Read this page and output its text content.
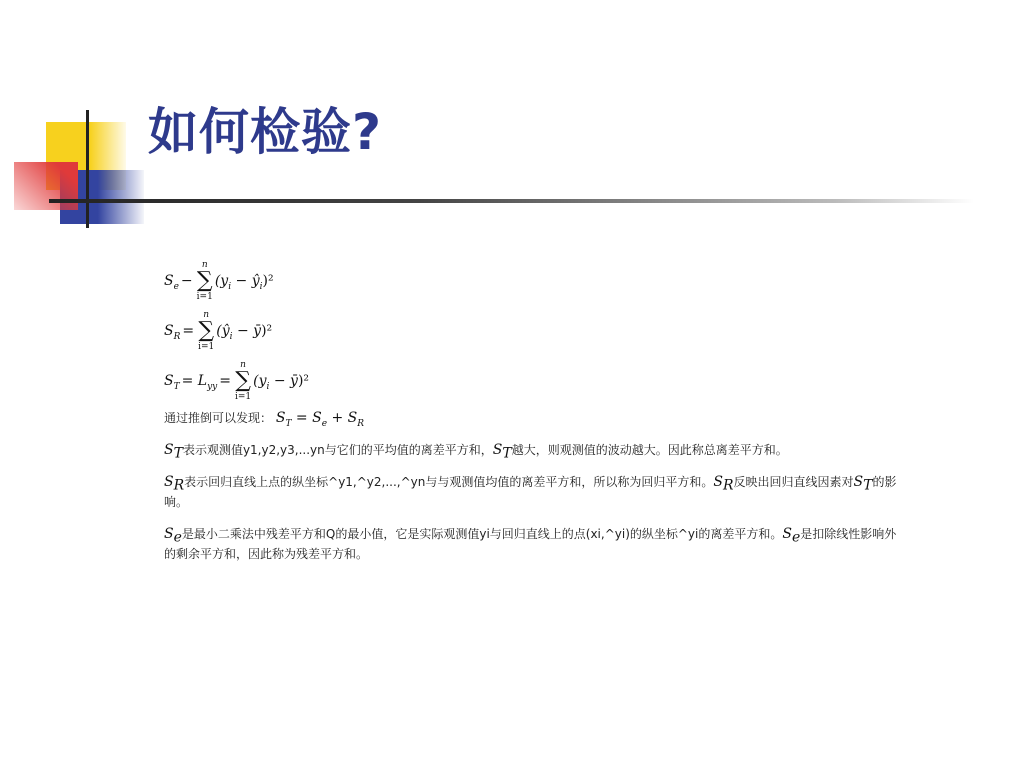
如何检验?
$S_e$ −
n
∑
i=1
($y_i$ − $ŷ_i)^2$
$S_R$ =
n
∑
i=1
($ŷ_i$ − ȳ)²
$S_T = L_{yy}$ =
n
∑
i=1
($y_i$ − ȳ)²
通过推倒可以发现： $S_T = S_e + S_R$
$S_T$表示观测值y1,y2,y3,...yn与它们的平均值的离差平方和，$S_T$越大，则观测值的波动越大。因此称总离差平方和。
$S_R$表示回归直线上点的纵坐标^y1,^y2,...,^yn与与观测值均值的离差平方和，所以称为回归平方和。$S_R$反映出回归直线因素对$S_T$的影响。
$S_e$是最小二乘法中残差平方和Q的最小值，它是实际观测值yi与回归直线上的点(xi,^yi)的纵坐标^yi的离差平方和。$S_e$是扣除线性影响外的剩余平方和，因此称为残差平方和。
